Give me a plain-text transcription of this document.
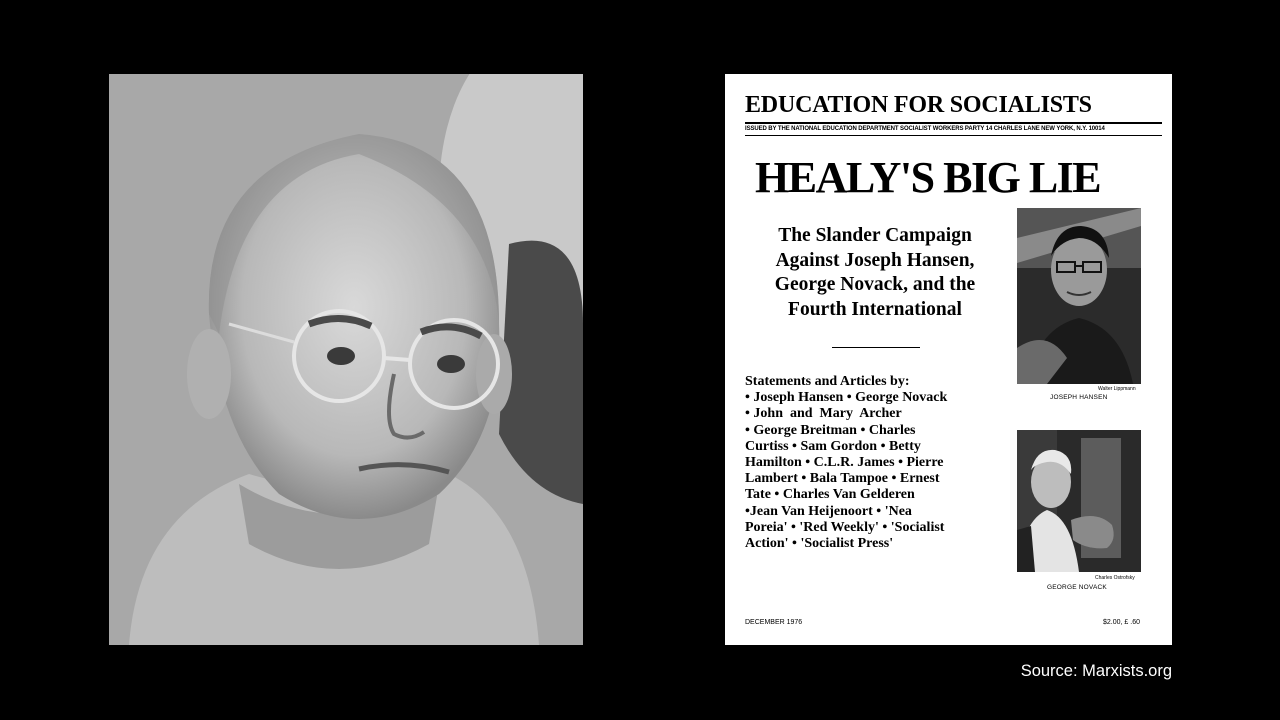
EDUCATION FOR SOCIALISTS
ISSUED BY THE NATIONAL EDUCATION DEPARTMENT SOCIALIST WORKERS PARTY 14 CHARLES LANE NEW YORK, N.Y. 10014
HEALY'S BIG LIE
The Slander Campaign
Against Joseph Hansen,
George Novack, and the
Fourth International
Statements and Articles by:
• Joseph Hansen • George Novack
• John  and  Mary  Archer
• George Breitman • Charles
Curtiss • Sam Gordon • Betty
Hamilton • C.L.R. James • Pierre
Lambert • Bala Tampoe • Ernest
Tate • Charles Van Gelderen
•Jean Van Heijenoort • 'Nea
Poreia' • 'Red Weekly' • 'Socialist
Action' • 'Socialist Press'
Walter Lippmann
JOSEPH HANSEN
Charles Ostrofsky
GEORGE NOVACK
DECEMBER 1976	$2.00, £ .60
Source: Marxists.org
